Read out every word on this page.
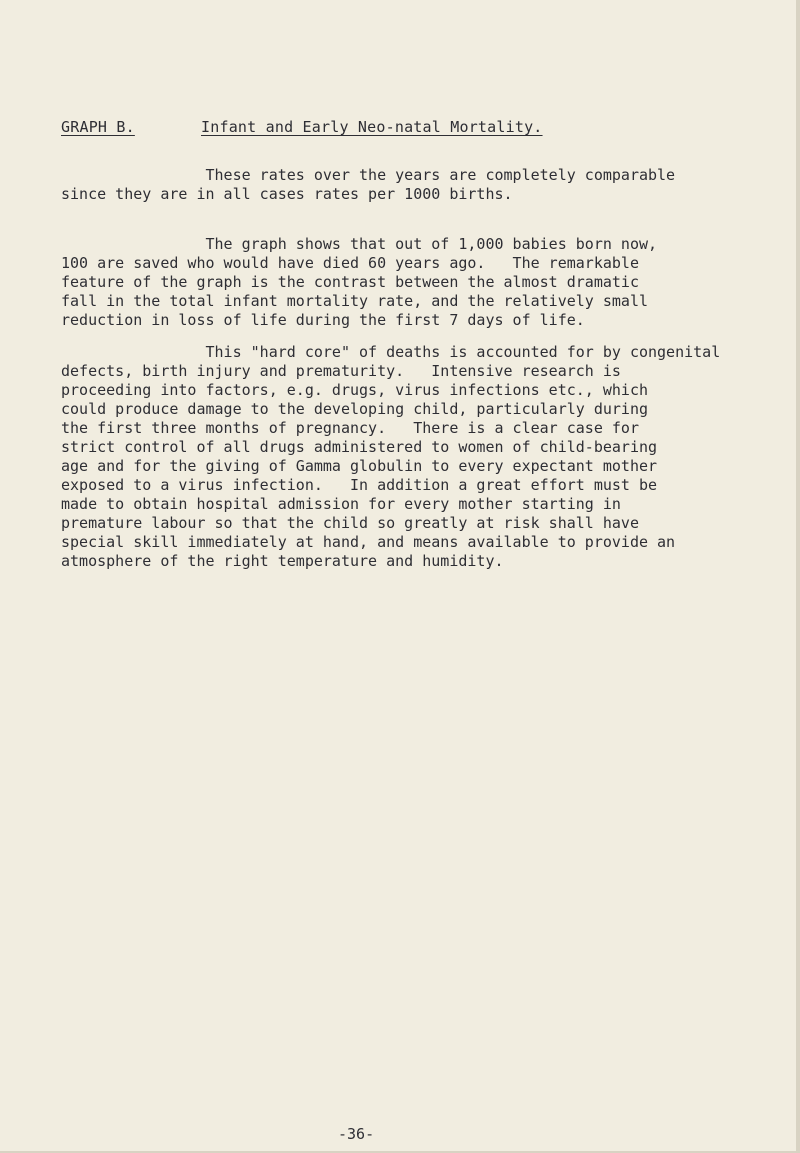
GRAPH B.	Infant and Early Neo-natal Mortality.
These rates over the years are completely comparable
since they are in all cases rates per 1000 births.
The graph shows that out of 1,000 babies born now,
100 are saved who would have died 60 years ago.   The remarkable
feature of the graph is the contrast between the almost dramatic
fall in the total infant mortality rate, and the relatively small
reduction in loss of life during the first 7 days of life.
This "hard core" of deaths is accounted for by congenital
defects, birth injury and prematurity.   Intensive research is
proceeding into factors, e.g. drugs, virus infections etc., which
could produce damage to the developing child, particularly during
the first three months of pregnancy.   There is a clear case for
strict control of all drugs administered to women of child-bearing
age and for the giving of Gamma globulin to every expectant mother
exposed to a virus infection.   In addition a great effort must be
made to obtain hospital admission for every mother starting in
premature labour so that the child so greatly at risk shall have
special skill immediately at hand, and means available to provide an
atmosphere of the right temperature and humidity.
-36-
